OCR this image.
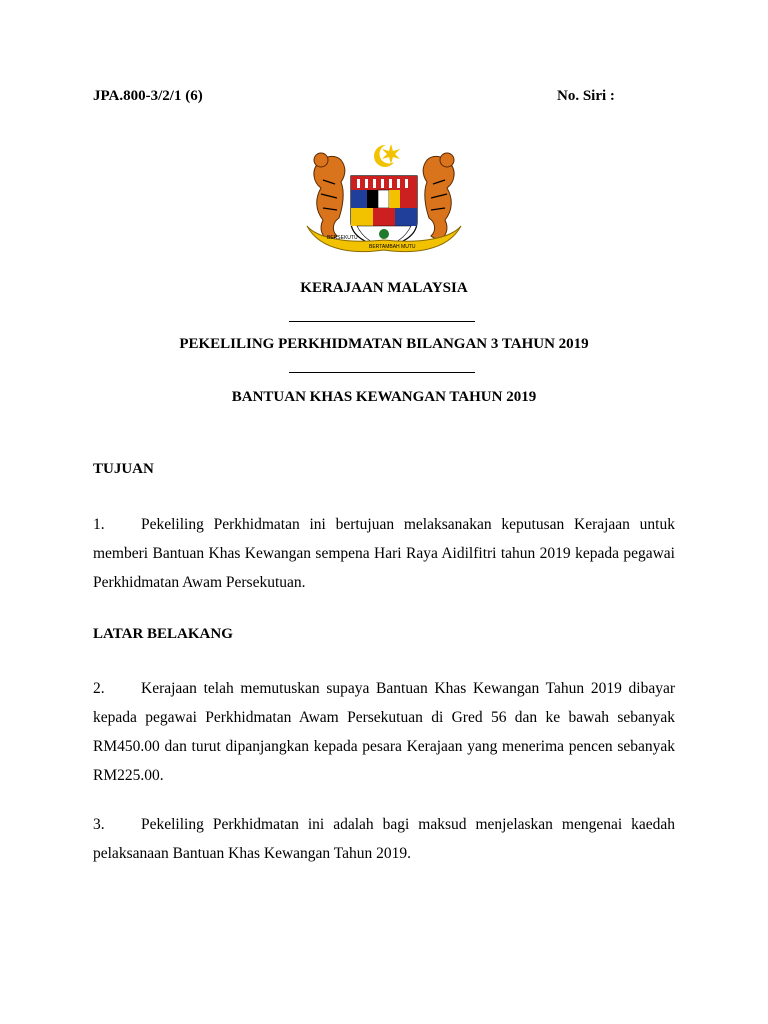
JPA.800-3/2/1 (6)	No. Siri :
BERSEKUTU
BERTAMBAH MUTU
KERAJAAN MALAYSIA
PEKELILING PERKHIDMATAN BILANGAN 3 TAHUN 2019
BANTUAN KHAS KEWANGAN TAHUN 2019
TUJUAN
1. Pekeliling Perkhidmatan ini bertujuan melaksanakan keputusan Kerajaan untuk memberi Bantuan Khas Kewangan sempena Hari Raya Aidilfitri tahun 2019 kepada pegawai Perkhidmatan Awam Persekutuan.
LATAR BELAKANG
2. Kerajaan telah memutuskan supaya Bantuan Khas Kewangan Tahun 2019 dibayar kepada pegawai Perkhidmatan Awam Persekutuan di Gred 56 dan ke bawah sebanyak RM450.00 dan turut dipanjangkan kepada pesara Kerajaan yang menerima pencen sebanyak RM225.00.
3. Pekeliling Perkhidmatan ini adalah bagi maksud menjelaskan mengenai kaedah pelaksanaan Bantuan Khas Kewangan Tahun 2019.
